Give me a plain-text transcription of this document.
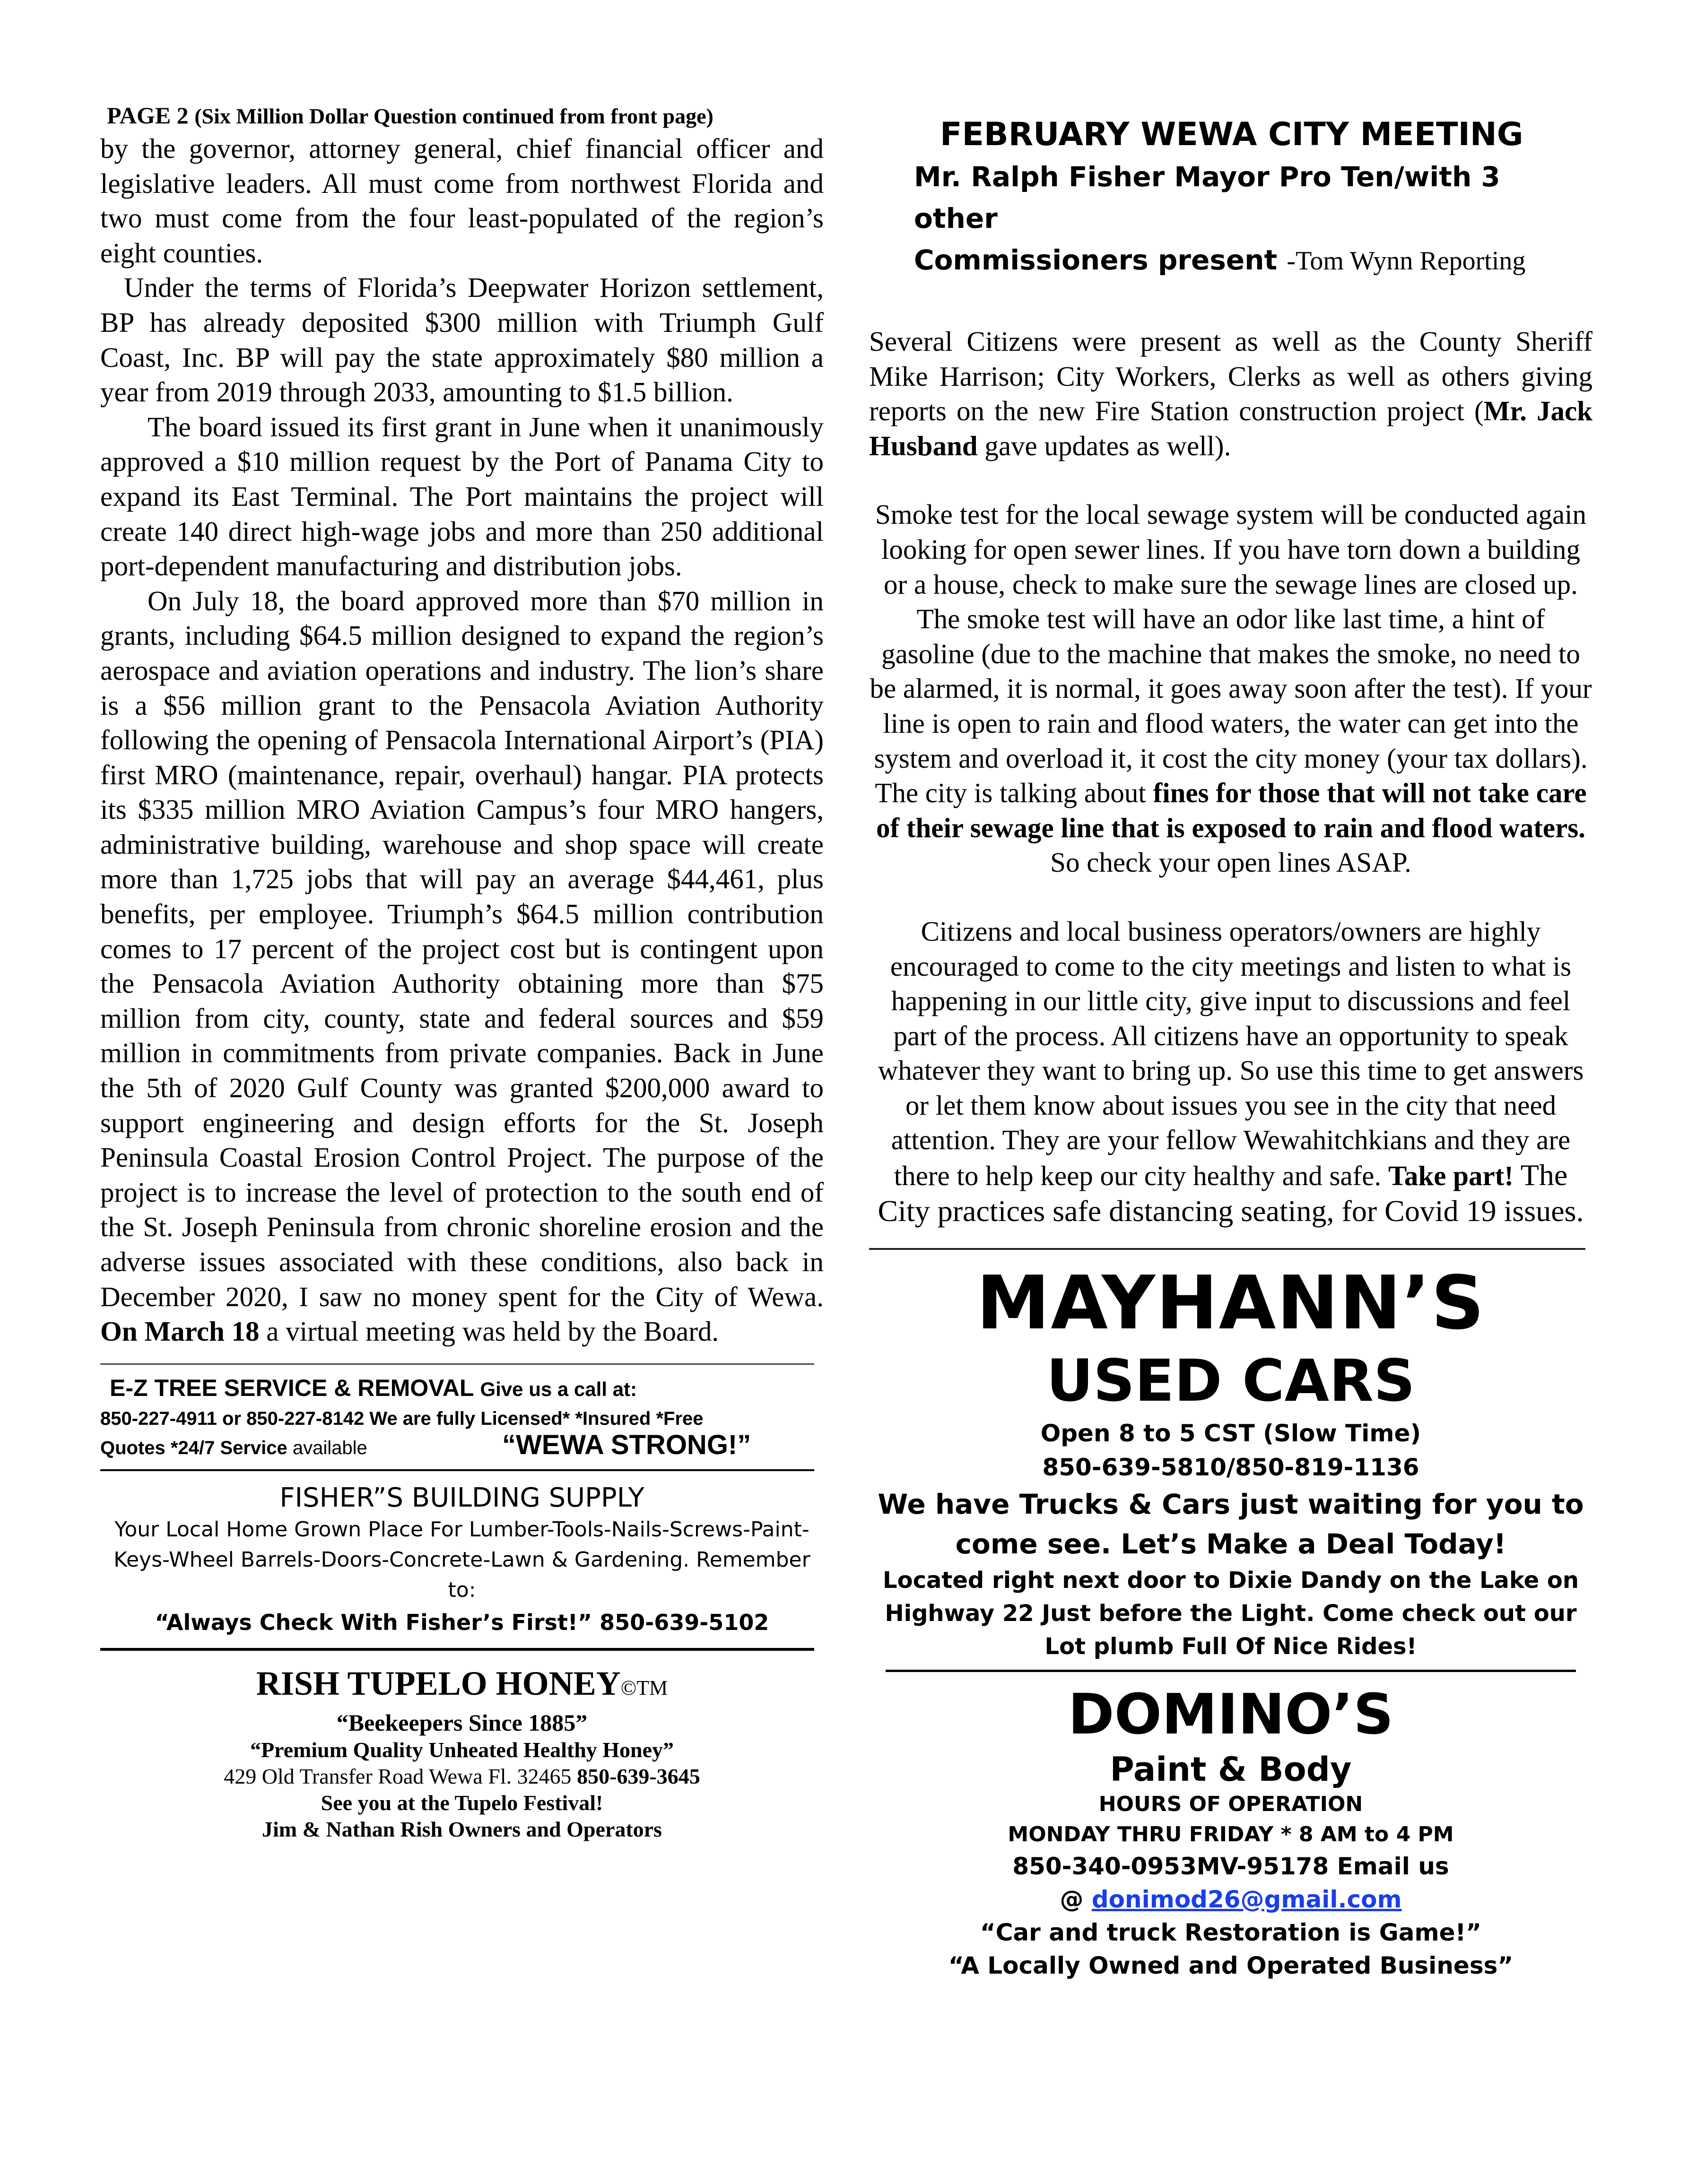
PAGE 2 (Six Million Dollar Question continued from front page)

by the governor, attorney general, chief financial officer and legislative leaders. All must come from northwest Florida and two must come from the four least-populated of the region’s eight counties.

Under the terms of Florida’s Deepwater Horizon settlement, BP has already deposited $300 million with Triumph Gulf Coast, Inc. BP will pay the state approximately $80 million a year from 2019 through 2033, amounting to $1.5 billion.

The board issued its first grant in June when it unanimously approved a $10 million request by the Port of Panama City to expand its East Terminal. The Port maintains the project will create 140 direct high-wage jobs and more than 250 additional port-dependent manufacturing and distribution jobs.

On July 18, the board approved more than $70 million in grants, including $64.5 million designed to expand the region’s aerospace and aviation operations and industry. The lion’s share is a $56 million grant to the Pensacola Aviation Authority following the opening of Pensacola International Airport’s (PIA) first MRO (maintenance, repair, overhaul) hangar. PIA protects its $335 million MRO Aviation Campus’s four MRO hangers, administrative building, warehouse and shop space will create more than 1,725 jobs that will pay an average $44,461, plus benefits, per employee. Triumph’s $64.5 million contribution comes to 17 percent of the project cost but is contingent upon the Pensacola Aviation Authority obtaining more than $75 million from city, county, state and federal sources and $59 million in commitments from private companies. Back in June the 5th of 2020 Gulf County was granted $200,000 award to support engineering and design efforts for the St. Joseph Peninsula Coastal Erosion Control Project. The purpose of the project is to increase the level of protection to the south end of the St. Joseph Peninsula from chronic shoreline erosion and the adverse issues associated with these conditions, also back in December 2020, I saw no money spent for the City of Wewa. On March 18 a virtual meeting was held by the Board.

E-Z TREE SERVICE & REMOVAL Give us a call at:
850-227-4911 or 850-227-8142 We are fully Licensed* *Insured *Free
Quotes *24/7 Service available	“WEWA STRONG!”
FISHER”S BUILDING SUPPLY
Your Local Home Grown Place For Lumber-Tools-Nails-Screws-Paint-Keys-Wheel Barrels-Doors-Concrete-Lawn & Gardening. Remember to:
“Always Check With Fisher’s First!” 850-639-5102
RISH TUPELO HONEY©TM
“Beekeepers Since 1885”
“Premium Quality Unheated Healthy Honey”
429 Old Transfer Road Wewa Fl. 32465 850-639-3645
See you at the Tupelo Festival!
Jim & Nathan Rish Owners and Operators
FEBRUARY WEWA CITY MEETING
Mr. Ralph Fisher Mayor Pro Ten/with 3 other
Commissioners present -Tom Wynn Reporting

Several Citizens were present as well as the County Sheriff Mike Harrison; City Workers, Clerks as well as others giving reports on the new Fire Station construction project (Mr. Jack Husband gave updates as well).

Smoke test for the local sewage system will be conducted again looking for open sewer lines. If you have torn down a building or a house, check to make sure the sewage lines are closed up. The smoke test will have an odor like last time, a hint of gasoline (due to the machine that makes the smoke, no need to be alarmed, it is normal, it goes away soon after the test). If your line is open to rain and flood waters, the water can get into the system and overload it, it cost the city money (your tax dollars). The city is talking about fines for those that will not take care of their sewage line that is exposed to rain and flood waters. So check your open lines ASAP.

Citizens and local business operators/owners are highly encouraged to come to the city meetings and listen to what is happening in our little city, give input to discussions and feel part of the process. All citizens have an opportunity to speak whatever they want to bring up. So use this time to get answers or let them know about issues you see in the city that need attention. They are your fellow Wewahitchkians and they are there to help keep our city healthy and safe. Take part! The City practices safe distancing seating, for Covid 19 issues.

MAYHANN’S
USED CARS
Open 8 to 5 CST (Slow Time)
850-639-5810/850-819-1136
We have Trucks & Cars just waiting for you to come see. Let’s Make a Deal Today!
Located right next door to Dixie Dandy on the Lake on Highway 22 Just before the Light. Come check out our Lot plumb Full Of Nice Rides!
DOMINO’S
Paint & Body
HOURS OF OPERATION
MONDAY THRU FRIDAY * 8 AM to 4 PM
850-340-0953MV-95178 Email us
@ donimod26@gmail.com
“Car and truck Restoration is Game!”
“A Locally Owned and Operated Business”
